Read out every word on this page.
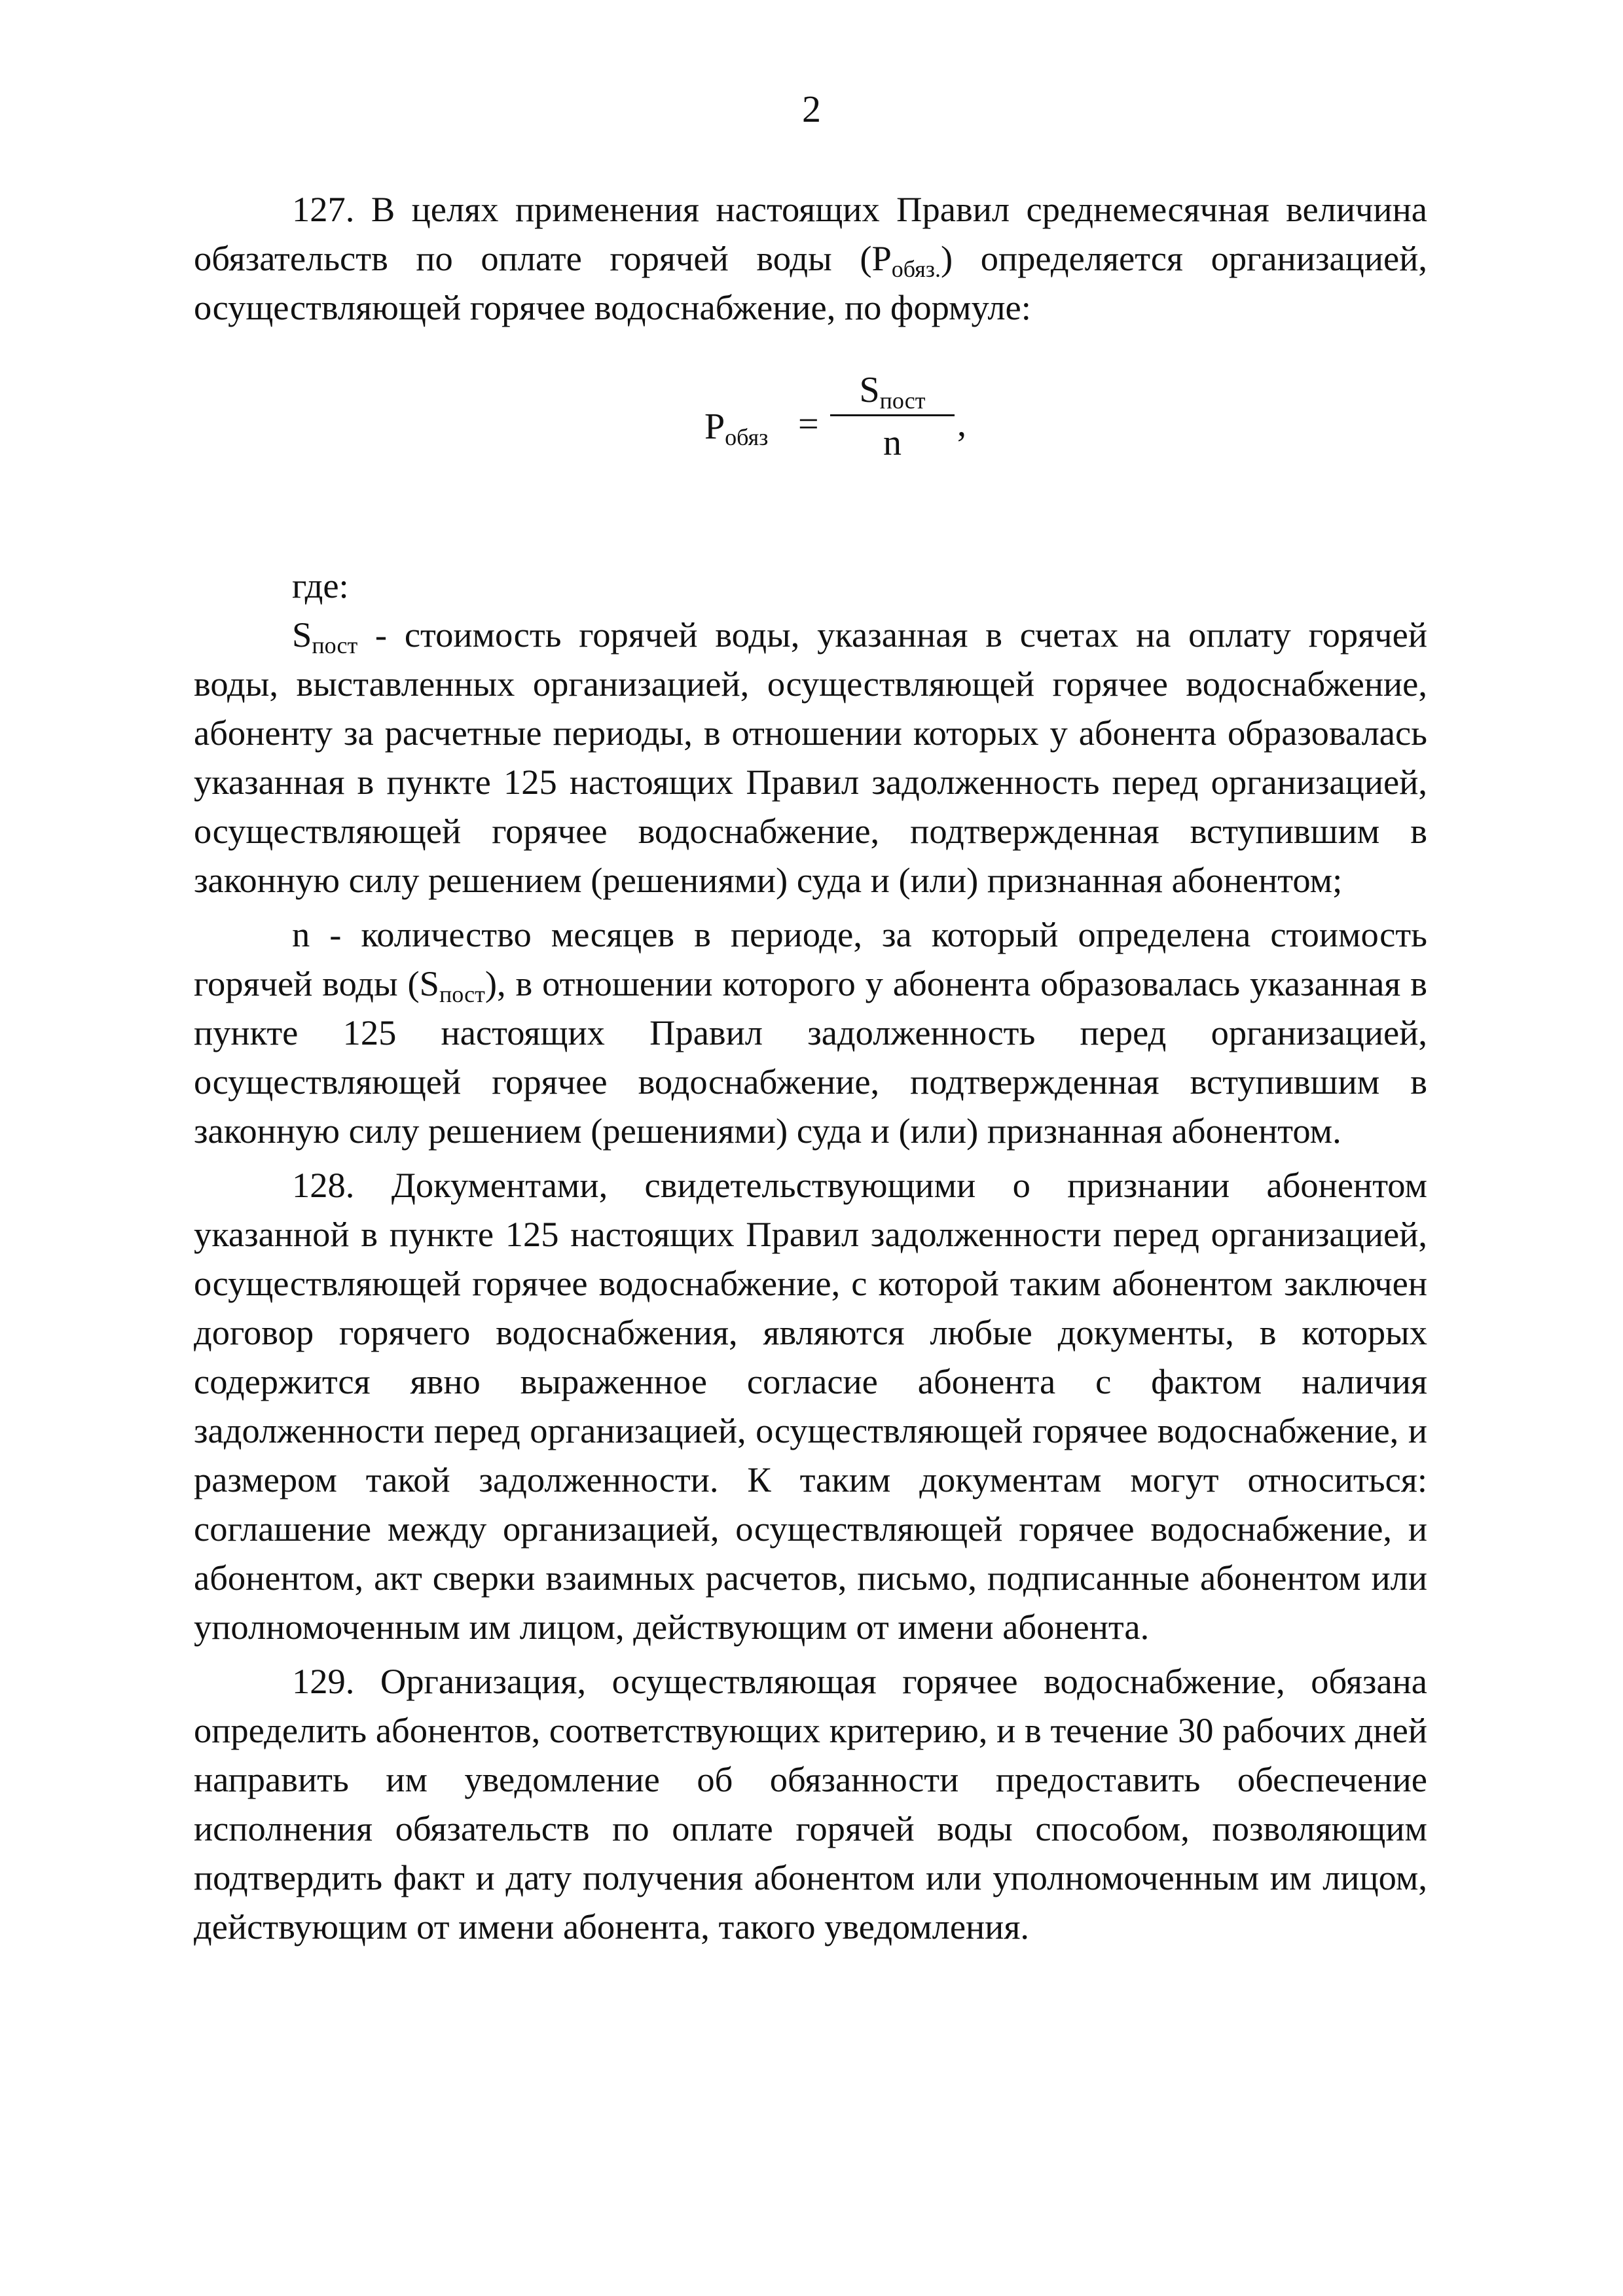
2

127. В целях применения настоящих Правил среднемесячная величина обязательств по оплате горячей воды $(Р_{обяз.})$ определяется организацией, осуществляющей горячее водоснабжение, по формуле:

$Р_{обяз}$ =
$S_{пост}$
n	,

где:

$S_{пост}$ - стоимость горячей воды, указанная в счетах на оплату горячей воды, выставленных организацией, осуществляющей горячее водоснабжение, абоненту за расчетные периоды, в отношении которых у абонента образовалась указанная в пункте 125 настоящих Правил задолженность перед организацией, осуществляющей горячее водоснабжение, подтвержденная вступившим в законную силу решением (решениями) суда и (или) признанная абонентом;

n - количество месяцев в периоде, за который определена стоимость горячей воды $(S_{пост})$, в отношении которого у абонента образовалась указанная в пункте 125 настоящих Правил задолженность перед организацией, осуществляющей горячее водоснабжение, подтвержденная вступившим в законную силу решением (решениями) суда и (или) признанная абонентом.

128. Документами, свидетельствующими о признании абонентом указанной в пункте 125 настоящих Правил задолженности перед организацией, осуществляющей горячее водоснабжение, с которой таким абонентом заключен договор горячего водоснабжения, являются любые документы, в которых содержится явно выраженное согласие абонента с фактом наличия задолженности перед организацией, осуществляющей горячее водоснабжение, и размером такой задолженности. К таким документам могут относиться: соглашение между организацией, осуществляющей горячее водоснабжение, и абонентом, акт сверки взаимных расчетов, письмо, подписанные абонентом или уполномоченным им лицом, действующим от имени абонента.

129. Организация, осуществляющая горячее водоснабжение, обязана определить абонентов, соответствующих критерию, и в течение 30 рабочих дней направить им уведомление об обязанности предоставить обеспечение исполнения обязательств по оплате горячей воды способом, позволяющим подтвердить факт и дату получения абонентом или уполномоченным им лицом, действующим от имени абонента, такого уведомления.
